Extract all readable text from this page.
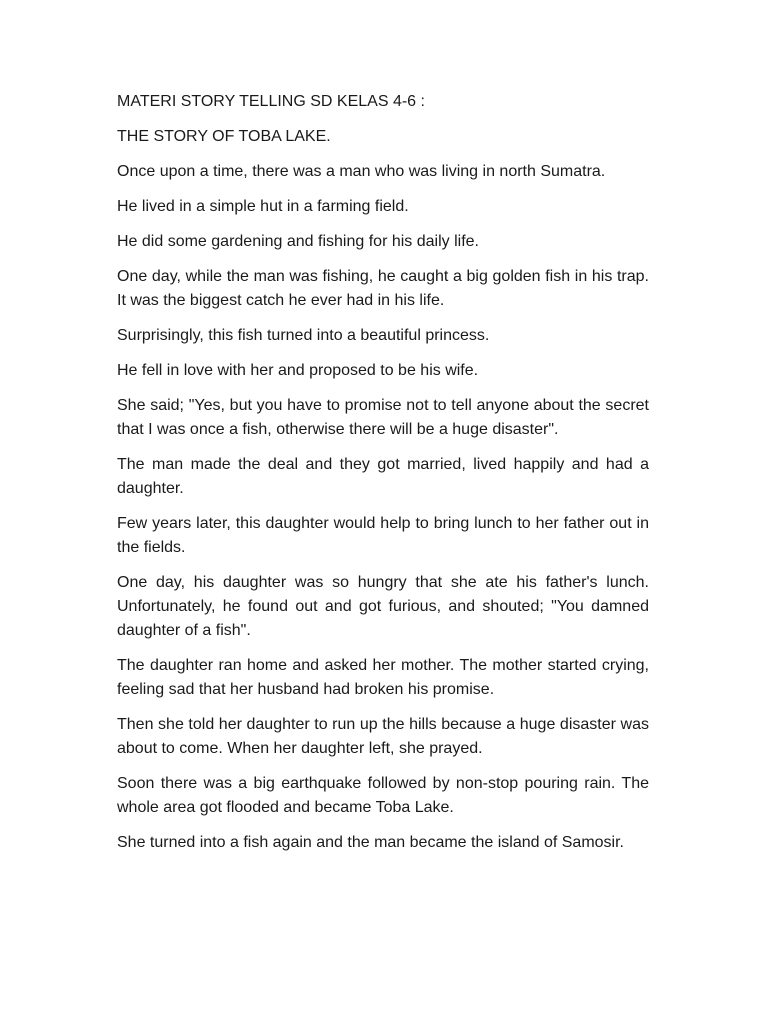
MATERI STORY TELLING SD KELAS 4-6 :

THE STORY OF TOBA LAKE.

Once upon a time, there was a man who was living in north Sumatra.

He lived in a simple hut in a farming field.

He did some gardening and fishing for his daily life.

One day, while the man was fishing, he caught a big golden fish in his trap. It was the biggest catch he ever had in his life.

Surprisingly, this fish turned into a beautiful princess.

He fell in love with her and proposed to be his wife.

She said; "Yes, but you have to promise not to tell anyone about the secret that I was once a fish, otherwise there will be a huge disaster".

The man made the deal and they got married, lived happily and had a daughter.

Few years later, this daughter would help to bring lunch to her father out in the fields.

One day, his daughter was so hungry that she ate his father's lunch. Unfortunately, he found out and got furious, and shouted; "You damned daughter of a fish".

The daughter ran home and asked her mother. The mother started crying, feeling sad that her husband had broken his promise.

Then she told her daughter to run up the hills because a huge disaster was about to come. When her daughter left, she prayed.

Soon there was a big earthquake followed by non-stop pouring rain. The whole area got flooded and became Toba Lake.

She turned into a fish again and the man became the island of Samosir.
